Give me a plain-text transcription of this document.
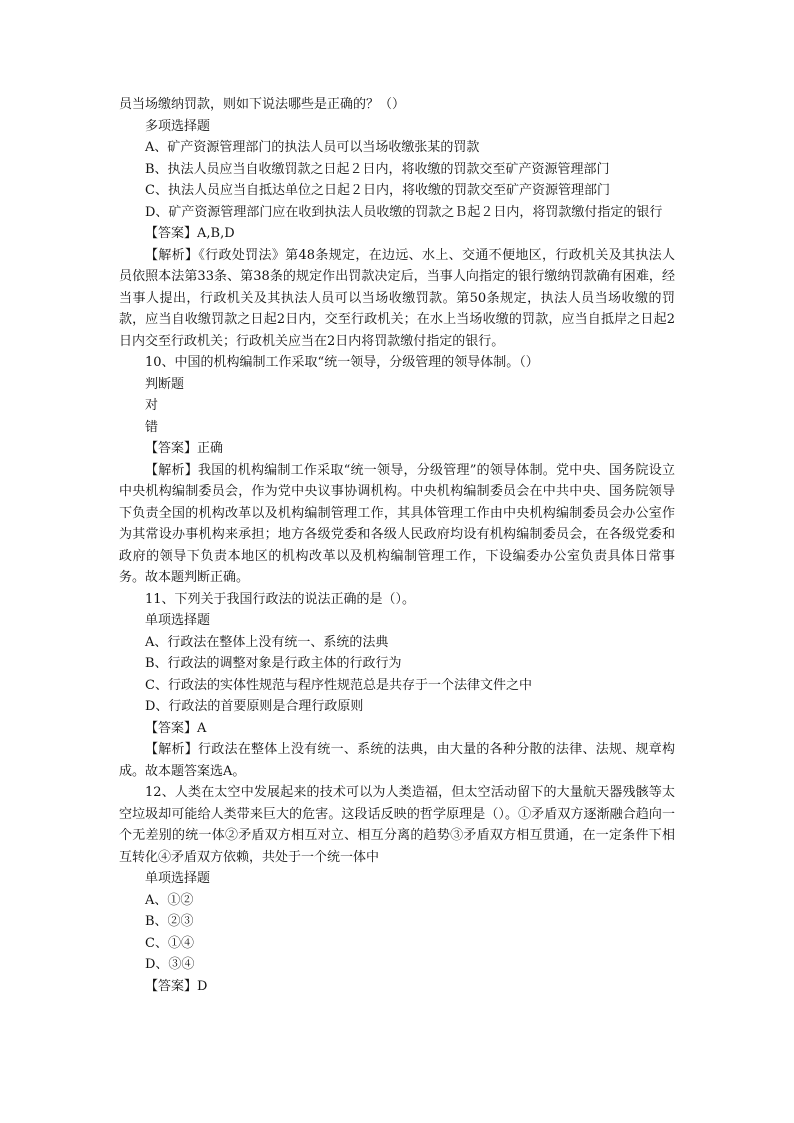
员当场缴纳罚款，则如下说法哪些是正确的？（）

多项选择题

A、矿产资源管理部门的执法人员可以当场收缴张某的罚款

B、执法人员应当自收缴罚款之日起２日内，将收缴的罚款交至矿产资源管理部门

C、执法人员应当自抵达单位之日起２日内，将收缴的罚款交至矿产资源管理部门

D、矿产资源管理部门应在收到执法人员收缴的罚款之Ｂ起２日内，将罚款缴付指定的银行

【答案】A,B,D

【解析】《行政处罚法》第48条规定，在边远、水上、交通不便地区，行政机关及其执法人员依照本法第33条、第38条的规定作出罚款决定后，当事人向指定的银行缴纳罚款确有困难，经当事人提出，行政机关及其执法人员可以当场收缴罚款。第50条规定，执法人员当场收缴的罚款，应当自收缴罚款之日起2日内，交至行政机关；在水上当场收缴的罚款，应当自抵岸之日起2日内交至行政机关；行政机关应当在2日内将罚款缴付指定的银行。

10、中国的机构编制工作采取“统一领导，分级管理的领导体制。（）

判断题

对

错

【答案】正确

【解析】我国的机构编制工作采取“统一领导，分级管理”的领导体制。党中央、国务院设立中央机构编制委员会，作为党中央议事协调机构。中央机构编制委员会在中共中央、国务院领导下负责全国的机构改革以及机构编制管理工作，其具体管理工作由中央机构编制委员会办公室作为其常设办事机构来承担；地方各级党委和各级人民政府均设有机构编制委员会，在各级党委和政府的领导下负责本地区的机构改革以及机构编制管理工作，下设编委办公室负责具体日常事务。故本题判断正确。

11、下列关于我国行政法的说法正确的是（）。

单项选择题

A、行政法在整体上没有统一、系统的法典

B、行政法的调整对象是行政主体的行政行为

C、行政法的实体性规范与程序性规范总是共存于一个法律文件之中

D、行政法的首要原则是合理行政原则

【答案】A

【解析】行政法在整体上没有统一、系统的法典，由大量的各种分散的法律、法规、规章构成。故本题答案选A。

12、人类在太空中发展起来的技术可以为人类造福，但太空活动留下的大量航天器残骸等太空垃圾却可能给人类带来巨大的危害。这段话反映的哲学原理是（）。①矛盾双方逐渐融合趋向一个无差别的统一体②矛盾双方相互对立、相互分离的趋势③矛盾双方相互贯通，在一定条件下相互转化④矛盾双方依赖，共处于一个统一体中

单项选择题

A、①②

B、②③

C、①④

D、③④

【答案】D
